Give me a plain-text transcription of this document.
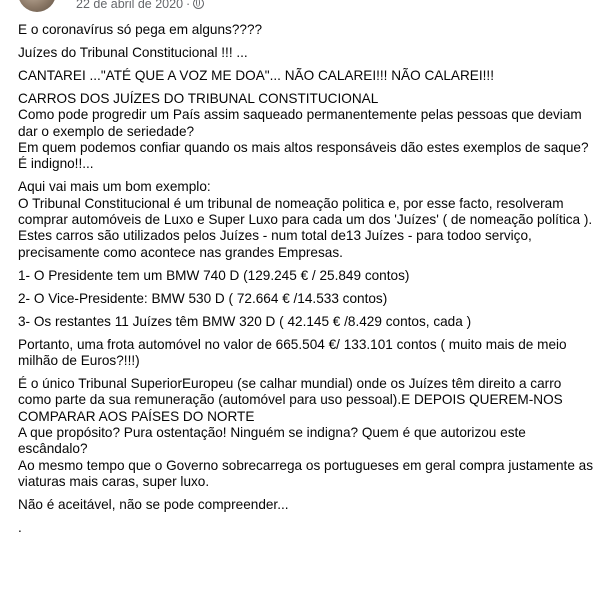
22 de abril de 2020 ·

E o coronavírus só pega em alguns????

Juízes do Tribunal Constitucional !!! ...

CANTAREI ..."ATÉ QUE A VOZ ME DOA"... NÃO CALAREI!!! NÃO CALAREI!!!

CARROS DOS JUÍZES DO TRIBUNAL CONSTITUCIONAL
Como pode progredir um País assim saqueado permanentemente pelas pessoas que deviam dar o exemplo de seriedade?
Em quem podemos confiar quando os mais altos responsáveis dão estes exemplos de saque?
É indigno!!...

Aqui vai mais um bom exemplo:
O Tribunal Constitucional é um tribunal de nomeação politica e, por esse facto, resolveram comprar automóveis de Luxo e Super Luxo para cada um dos 'Juízes' ( de nomeação política ).
Estes carros são utilizados pelos Juízes - num total de13 Juízes - para todoo serviço, precisamente como acontece nas grandes Empresas.

1- O Presidente tem um BMW 740 D (129.245 € / 25.849 contos)

2- O Vice-Presidente: BMW 530 D ( 72.664 € /14.533 contos)

3- Os restantes 11 Juízes têm BMW 320 D ( 42.145 € /8.429 contos, cada )

Portanto, uma frota automóvel no valor de 665.504 €/ 133.101 contos ( muito mais de meio milhão de Euros?!!!)

É o único Tribunal SuperiorEuropeu (se calhar mundial) onde os Juízes têm direito a carro como parte da sua remuneração (automóvel para uso pessoal).E DEPOIS QUEREM-NOS COMPARAR AOS PAÍSES DO NORTE
A que propósito? Pura ostentação! Ninguém se indigna? Quem é que autorizou este escândalo?
Ao mesmo tempo que o Governo sobrecarrega os portugueses em geral compra justamente as viaturas mais caras, super luxo.

Não é aceitável, não se pode compreender...

.
